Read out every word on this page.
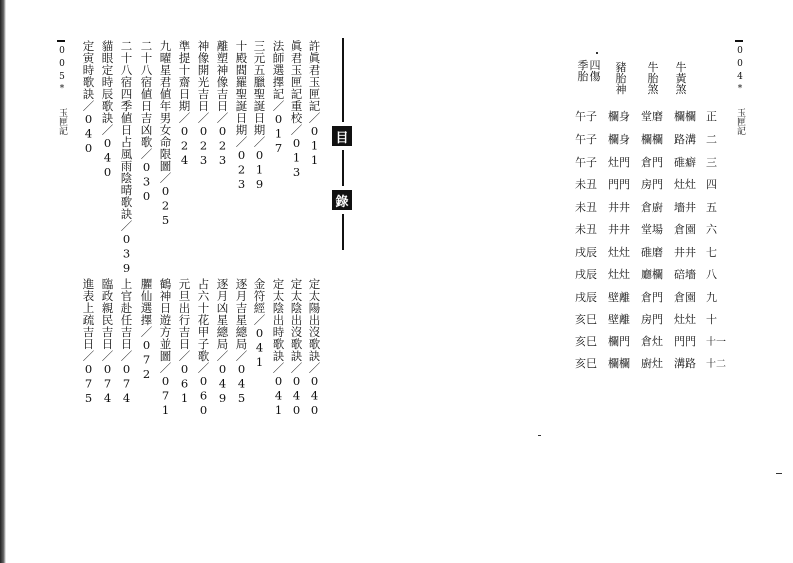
005
*
玉匣記
004
*
玉匣記
目
錄
許眞君玉匣記／011
眞君玉匣記重校／013
法師選擇記／017
三元五臘聖誕日期／019
十殿閻羅聖誕日期／023
離塑神像吉日／023
神像開光吉日／023
準提十齋日期／024
九曜星君値年男女命限圖／025
二十八宿値日吉凶歌／030
二十八宿四季値日占風雨陰晴歌訣／039
貓眼定時辰歌訣／040
定寅時歌訣／040
定太陽出沒歌訣／040
定太陰出沒歌訣／040
定太陰出時歌訣／041
金符經／041
逐月吉星總局／045
逐月凶星總局／049
占六十花甲子歌／060
元旦出行吉日／061
鶴神日遊方並圖／071
臞仙選擇／072
上官赴任吉日／074
臨政親民吉日／074
進表上疏吉日／075
牛
黃
煞
牛
胎
煞
豬
胎
神
四
傷
季
胎
午子 欄身 堂磨 欄欄 正
午子 欄身 欄欄 路溝 二
午子 灶門 倉門 碓癖 三
未丑 門門 房門 灶灶 四
未丑 井井 倉廚 墻井 五
未丑 井井 堂場 倉園 六
戌辰 灶灶 碓磨 井井 七
戌辰 灶灶 廳欄 碚墻 八
戌辰 壁離 倉門 倉園 九
亥巳 壁離 房門 灶灶 十
亥巳 欄門 倉灶 門門 十一
亥巳 欄欄 廚灶 溝路 十二
